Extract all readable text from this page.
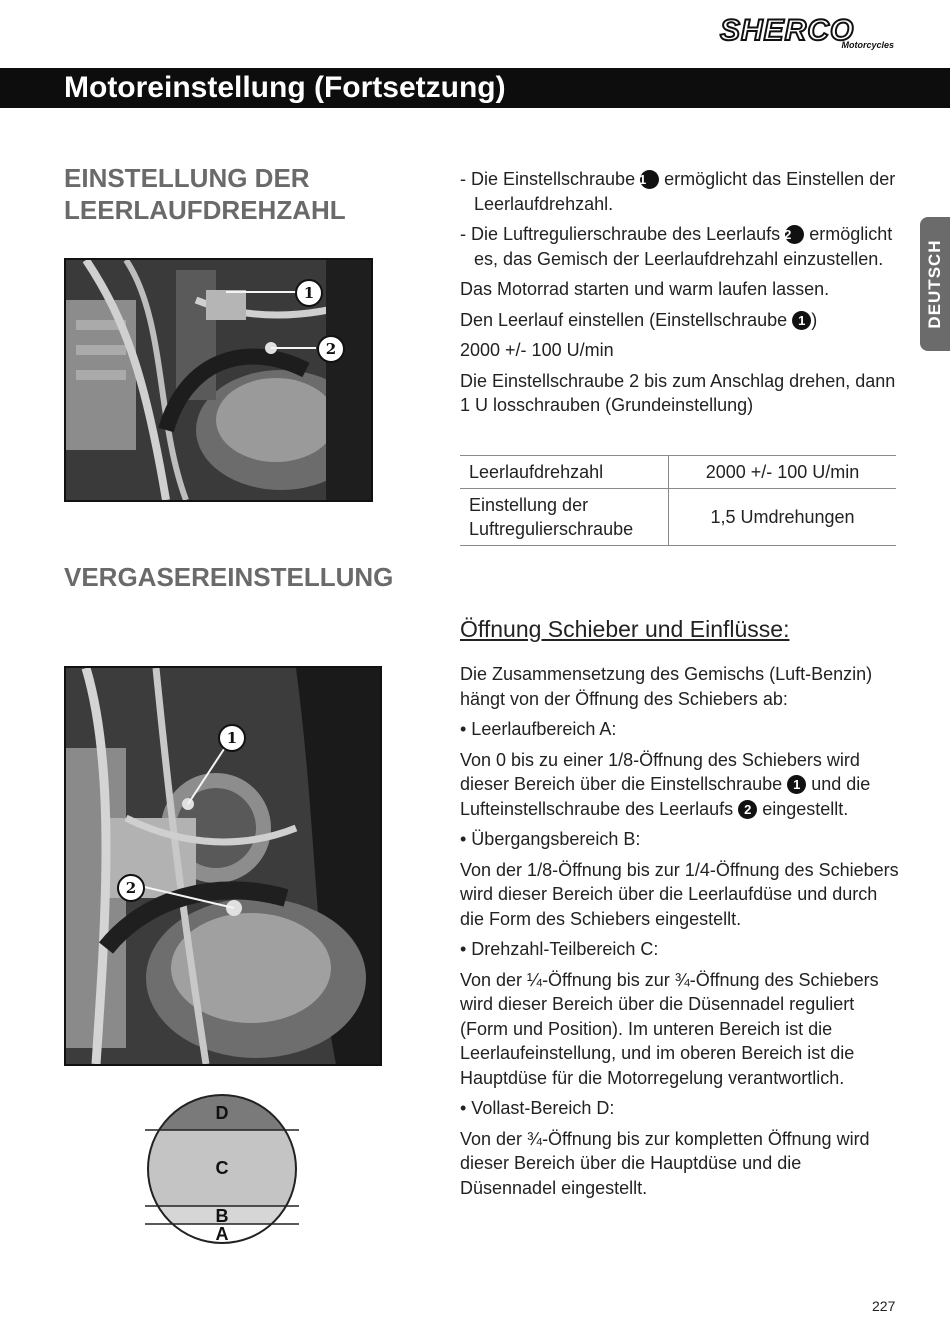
SHERCO
Motorcycles
Motoreinstellung (Fortsetzung)
DEUTSCH
EINSTELLUNG DER
LEERLAUFDREHZAHL
1
2

- Die Einstellschraube 1 ermöglicht das Einstellen der Leerlaufdrehzahl.

- Die Luftregulierschraube des Leerlaufs 2 ermöglicht es, das Gemisch der Leerlaufdrehzahl einzustellen.

Das Motorrad starten und warm laufen lassen.

Den Leerlauf einstellen (Einstellschraube 1 )

2000 +/- 100 U/min

Die Einstellschraube 2 bis zum Anschlag drehen, dann 1 U losschrauben (Grundeinstellung)

Leerlaufdrehzahl	2000 +/- 100 U/min
Einstellung der
Luftregulierschraube	1,5 Umdrehungen
VERGASEREINSTELLUNG
1
2
D
C
B
A
Öffnung Schieber und Einflüsse:

Die Zusammensetzung des Gemischs (Luft-Benzin) hängt von der Öffnung des Schiebers ab:

• Leerlaufbereich A:

Von 0 bis zu einer 1/8-Öffnung des Schiebers wird dieser Bereich über die Einstellschraube 1 und die Lufteinstellschraube des Leerlaufs 2 eingestellt.

• Übergangsbereich B:

Von der 1/8-Öffnung bis zur 1/4-Öffnung des Schiebers wird dieser Bereich über die Leerlaufdüse und durch die Form des Schiebers eingestellt.

• Drehzahl-Teilbereich C:

Von der ¼-Öffnung bis zur ¾-Öffnung des Schiebers wird dieser Bereich über die Düsennadel reguliert (Form und Position). Im unteren Bereich ist die Leerlaufeinstellung, und im oberen Bereich ist die Hauptdüse für die Motorregelung verantwortlich.

• Vollast-Bereich D:

Von der ¾-Öffnung bis zur kompletten Öffnung wird dieser Bereich über die Hauptdüse und die Düsennadel eingestellt.

227
